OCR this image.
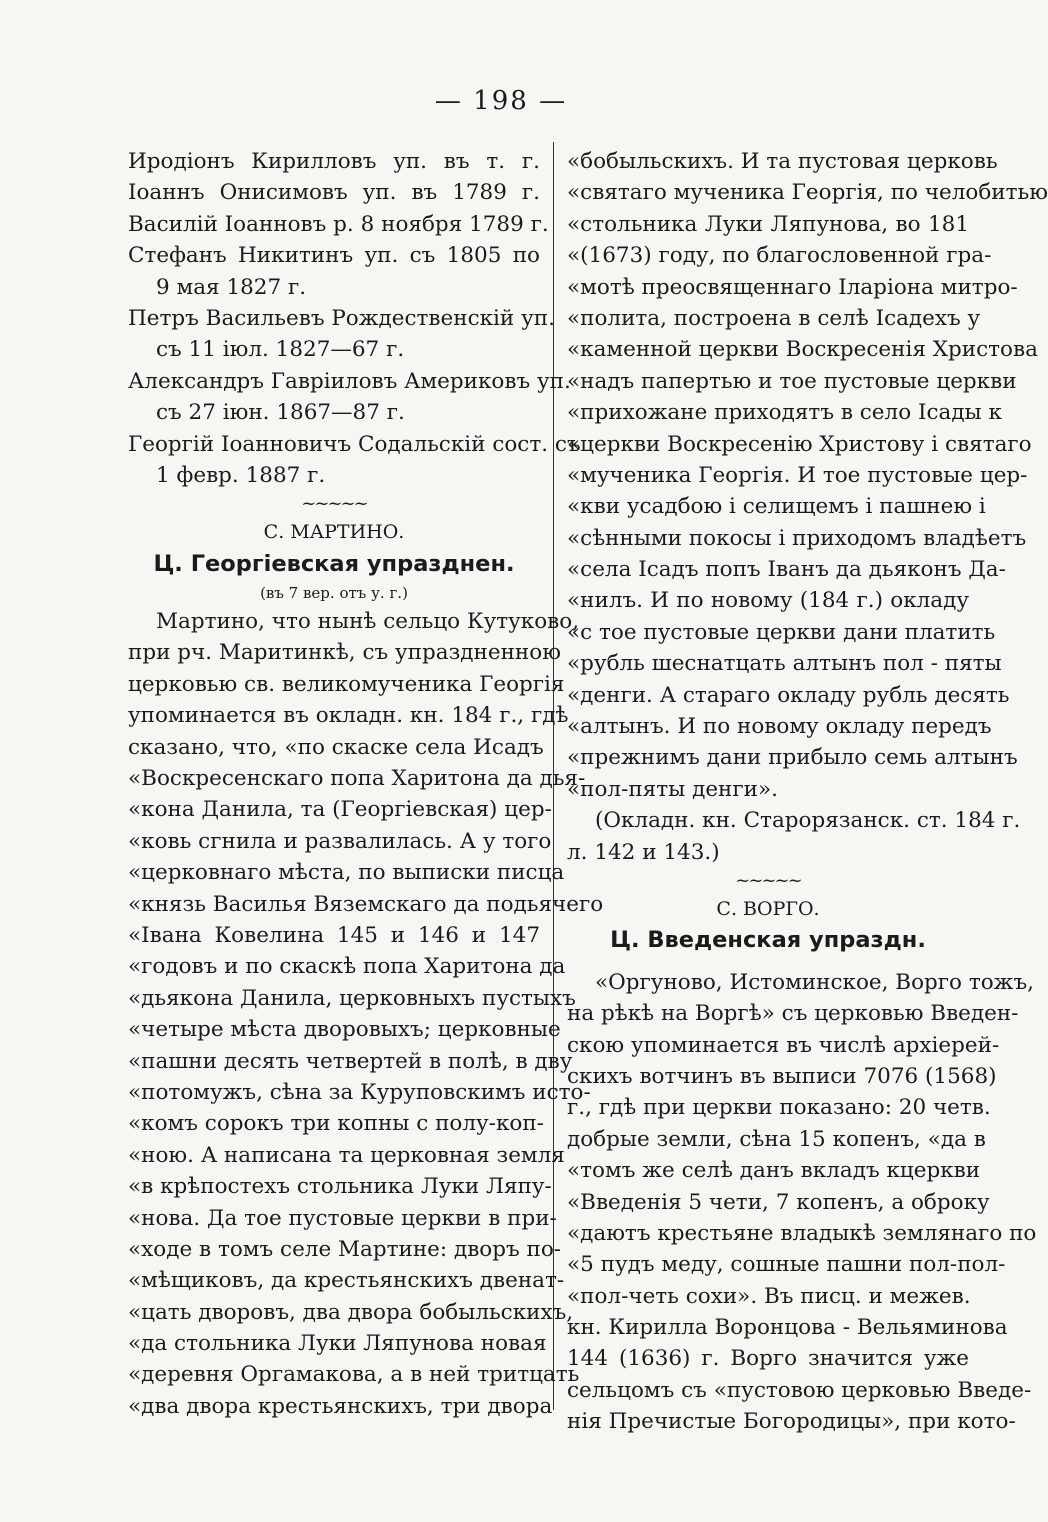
— 198 —
Иродіонъ Кирилловъ уп. въ т. г.
Іоаннъ Онисимовъ уп. въ 1789 г.
Василій Іоанновъ р. 8 ноября 1789 г.
Стефанъ Никитинъ уп. съ 1805 по
9 мая 1827 г.
Петръ Васильевъ Рождественскій уп.
съ 11 іюл. 1827—67 г.
Александръ Гавріиловъ Америковъ уп.
съ 27 іюн. 1867—87 г.
Георгій Іоанновичъ Содальскій сост. съ
1 февр. 1887 г.
~~~~~
С. МАРТИНО.
Ц. Георгіевская упразднен.
(въ 7 вер. отъ у. г.)
Мартино, что нынѣ сельцо Кутуково,
при рч. Маритинкѣ, съ упраздненною
церковью св. великомученика Георгія
упоминается въ окладн. кн. 184 г., гдѣ
сказано, что, «по скаске села Исадъ
«Воскресенскаго попа Харитона да дья-
«кона Данила, та (Георгіевская) цер-
«ковь сгнила и развалилась. А у того
«церковнаго мѣста, по выписки писца
«князь Василья Вяземскаго да подьячего
«Івана Ковелина 145 и 146 и 147
«годовъ и по скаскѣ попа Харитона да
«дьякона Данила, церковныхъ пустыхъ
«четыре мѣста дворовыхъ; церковные
«пашни десять четвертей в полѣ, в дву
«потомужъ, сѣна за Куруповскимъ исто-
«комъ сорокъ три копны с полу-коп-
«ною. А написана та церковная земля
«в крѣпостехъ стольника Луки Ляпу-
«нова. Да тое пустовые церкви в при-
«ходе в томъ селе Мартине: дворъ по-
«мѣщиковъ, да крестьянскихъ двенат-
«цать дворовъ, два двора бобыльскихъ,
«да стольника Луки Ляпунова новая
«деревня Оргамакова, а в ней тритцать
«два двора крестьянскихъ, три двора
«бобыльскихъ. И та пустовая церковь
«святаго мученика Георгія, по челобитью
«стольника Луки Ляпунова, во 181
«(1673) году, по благословенной гра-
«мотѣ преосвященнаго Іларіона митро-
«полита, построена в селѣ Ісадехъ у
«каменной церкви Воскресенія Христова
«надъ папертью и тое пустовые церкви
«прихожане приходятъ в село Ісады к
«церкви Воскресенію Христову і святаго
«мученика Георгія. И тое пустовые цер-
«кви усадбою і селищемъ і пашнею і
«сѣнными покосы і приходомъ владѣетъ
«села Ісадъ попъ Іванъ да дьяконъ Да-
«нилъ. И по новому (184 г.) окладу
«с тое пустовые церкви дани платить
«рубль шеснатцать алтынъ пол - пяты
«денги. А стараго окладу рубль десять
«алтынъ. И по новому окладу передъ
«прежнимъ дани прибыло семь алтынъ
«пол-пяты денги».
(Окладн. кн. Старорязанск. ст. 184 г.
л. 142 и 143.)
~~~~~
С. ВОРГО.
Ц. Введенская упраздн.
«Оргуново, Истоминское, Ворго тожъ,
на рѣкѣ на Воргѣ» съ церковью Введен-
скою упоминается въ числѣ архіерей-
скихъ вотчинъ въ выписи 7076 (1568)
г., гдѣ при церкви показано: 20 четв.
добрые земли, сѣна 15 копенъ, «да в
«томъ же селѣ данъ вкладъ кцеркви
«Введенія 5 чети, 7 копенъ, а оброку
«даютъ крестьяне владыкѣ землянаго по
«5 пудъ меду, сошные пашни пол-пол-
«пол-четь сохи». Въ писц. и межев.
кн. Кирилла Воронцова - Вельяминова
144 (1636) г. Ворго значится уже
сельцомъ съ «пустовою церковью Введе-
нія Пречистые Богородицы», при кото-
